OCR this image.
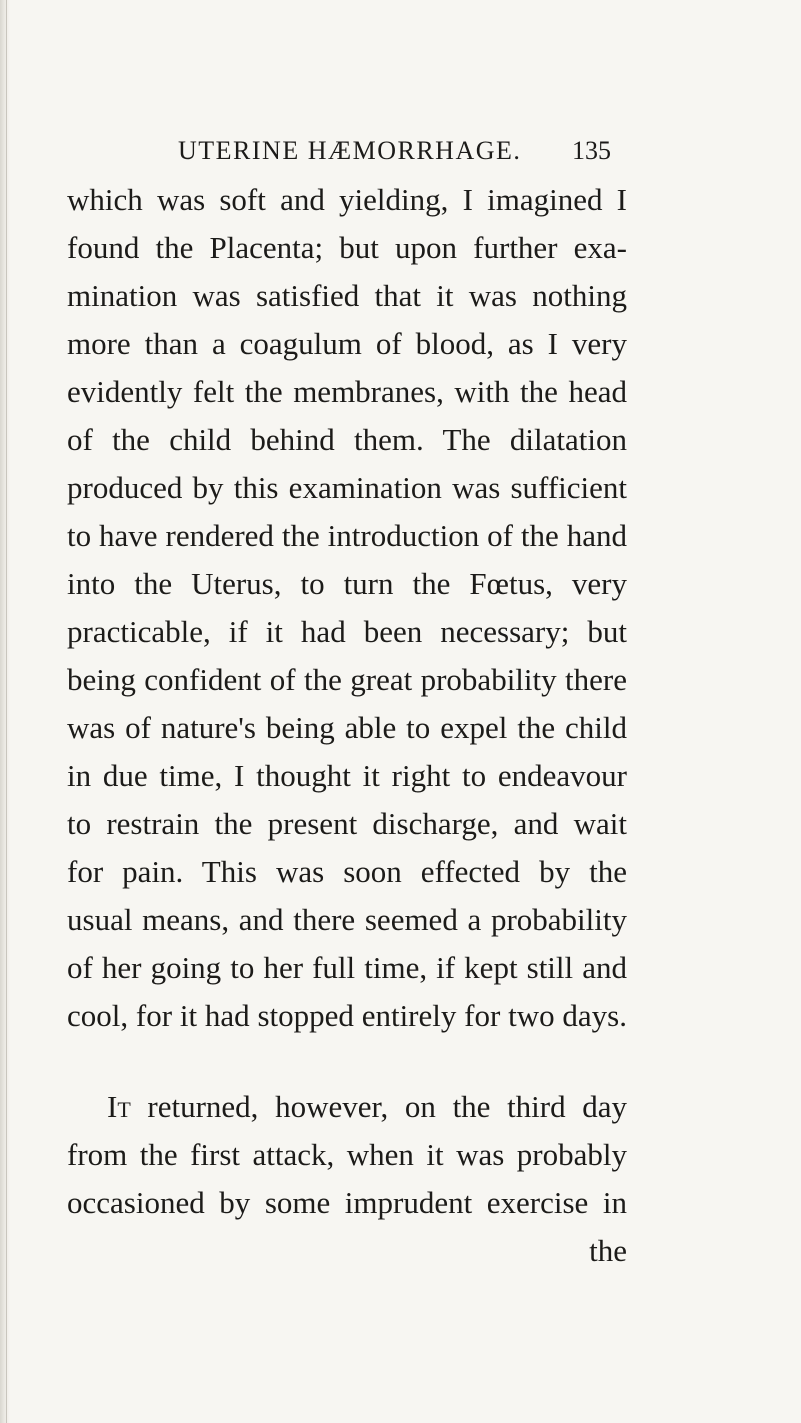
UTERINE HÆMORRHAGE. 135
which was soft and yielding, I imagined I
found the Placenta; but upon further exa-
mination was satisfied that it was nothing
more than a coagulum of blood, as I very
evidently felt the membranes, with the head
of the child behind them. The dilatation
produced by this examination was sufficient
to have rendered the introduction of the hand
into the Uterus, to turn the Fœtus, very
practicable, if it had been necessary; but
being confident of the great probability there
was of nature's being able to expel the child
in due time, I thought it right to endeavour
to restrain the present discharge, and wait
for pain. This was soon effected by the
usual means, and there seemed a probability
of her going to her full time, if kept still and
cool, for it had stopped entirely for two days.
It returned, however, on the third day
from the first attack, when it was probably
occasioned by some imprudent exercise in
the
